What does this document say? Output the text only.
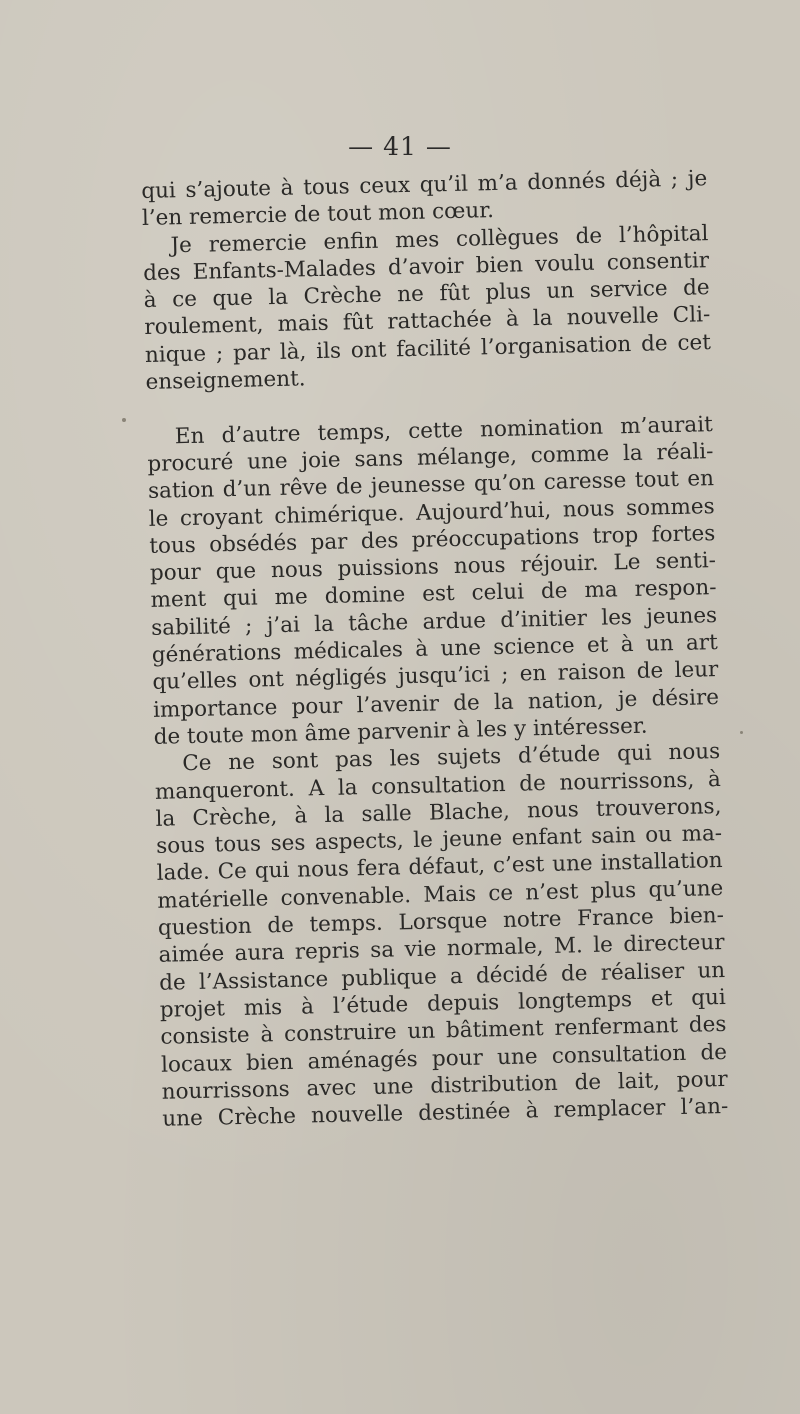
— 41 —
qui s’ajoute à tous ceux qu’il m’a donnés déjà ; je
l’en remercie de tout mon cœur.
Je remercie enfin mes collègues de l’hôpital
des Enfants-Malades d’avoir bien voulu consentir
à ce que la Crèche ne fût plus un service de
roulement, mais fût rattachée à la nouvelle Cli-
nique ; par là, ils ont facilité l’organisation de cet
enseignement.
En d’autre temps, cette nomination m’aurait
procuré une joie sans mélange, comme la réali-
sation d’un rêve de jeunesse qu’on caresse tout en
le croyant chimérique. Aujourd’hui, nous sommes
tous obsédés par des préoccupations trop fortes
pour que nous puissions nous réjouir. Le senti-
ment qui me domine est celui de ma respon-
sabilité ; j’ai la tâche ardue d’initier les jeunes
générations médicales à une science et à un art
qu’elles ont négligés jusqu’ici ; en raison de leur
importance pour l’avenir de la nation, je désire
de toute mon âme parvenir à les y intéresser.
Ce ne sont pas les sujets d’étude qui nous
manqueront. A la consultation de nourrissons, à
la Crèche, à la salle Blache, nous trouverons,
sous tous ses aspects, le jeune enfant sain ou ma-
lade. Ce qui nous fera défaut, c’est une installation
matérielle convenable. Mais ce n’est plus qu’une
question de temps. Lorsque notre France bien-
aimée aura repris sa vie normale, M. le directeur
de l’Assistance publique a décidé de réaliser un
projet mis à l’étude depuis longtemps et qui
consiste à construire un bâtiment renfermant des
locaux bien aménagés pour une consultation de
nourrissons avec une distribution de lait, pour
une Crèche nouvelle destinée à remplacer l’an-
